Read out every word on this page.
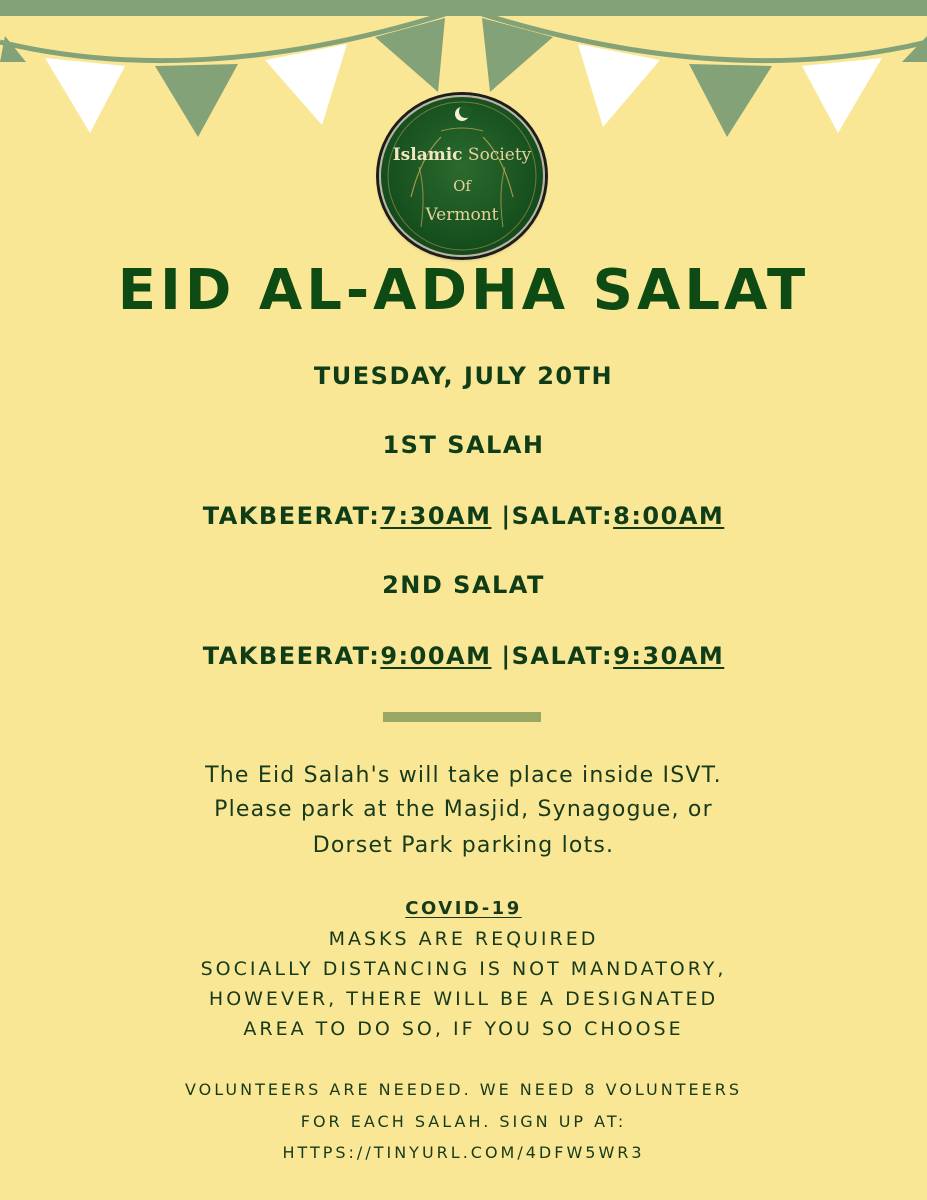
Islamic Society
Of
Vermont
EID AL-ADHA SALAT
TUESDAY, JULY 20TH
1ST SALAH
TAKBEERAT:7:30AM |SALAT:8:00AM
2ND SALAT
TAKBEERAT:9:00AM |SALAT:9:30AM
The Eid Salah's will take place inside ISVT.
Please park at the Masjid, Synagogue, or
Dorset Park parking lots.
COVID-19
MASKS ARE REQUIRED
SOCIALLY DISTANCING IS NOT MANDATORY,
HOWEVER, THERE WILL BE A DESIGNATED
AREA TO DO SO, IF YOU SO CHOOSE
VOLUNTEERS ARE NEEDED. WE NEED 8 VOLUNTEERS
FOR EACH SALAH. SIGN UP AT:
HTTPS://TINYURL.COM/4DFW5WR3
